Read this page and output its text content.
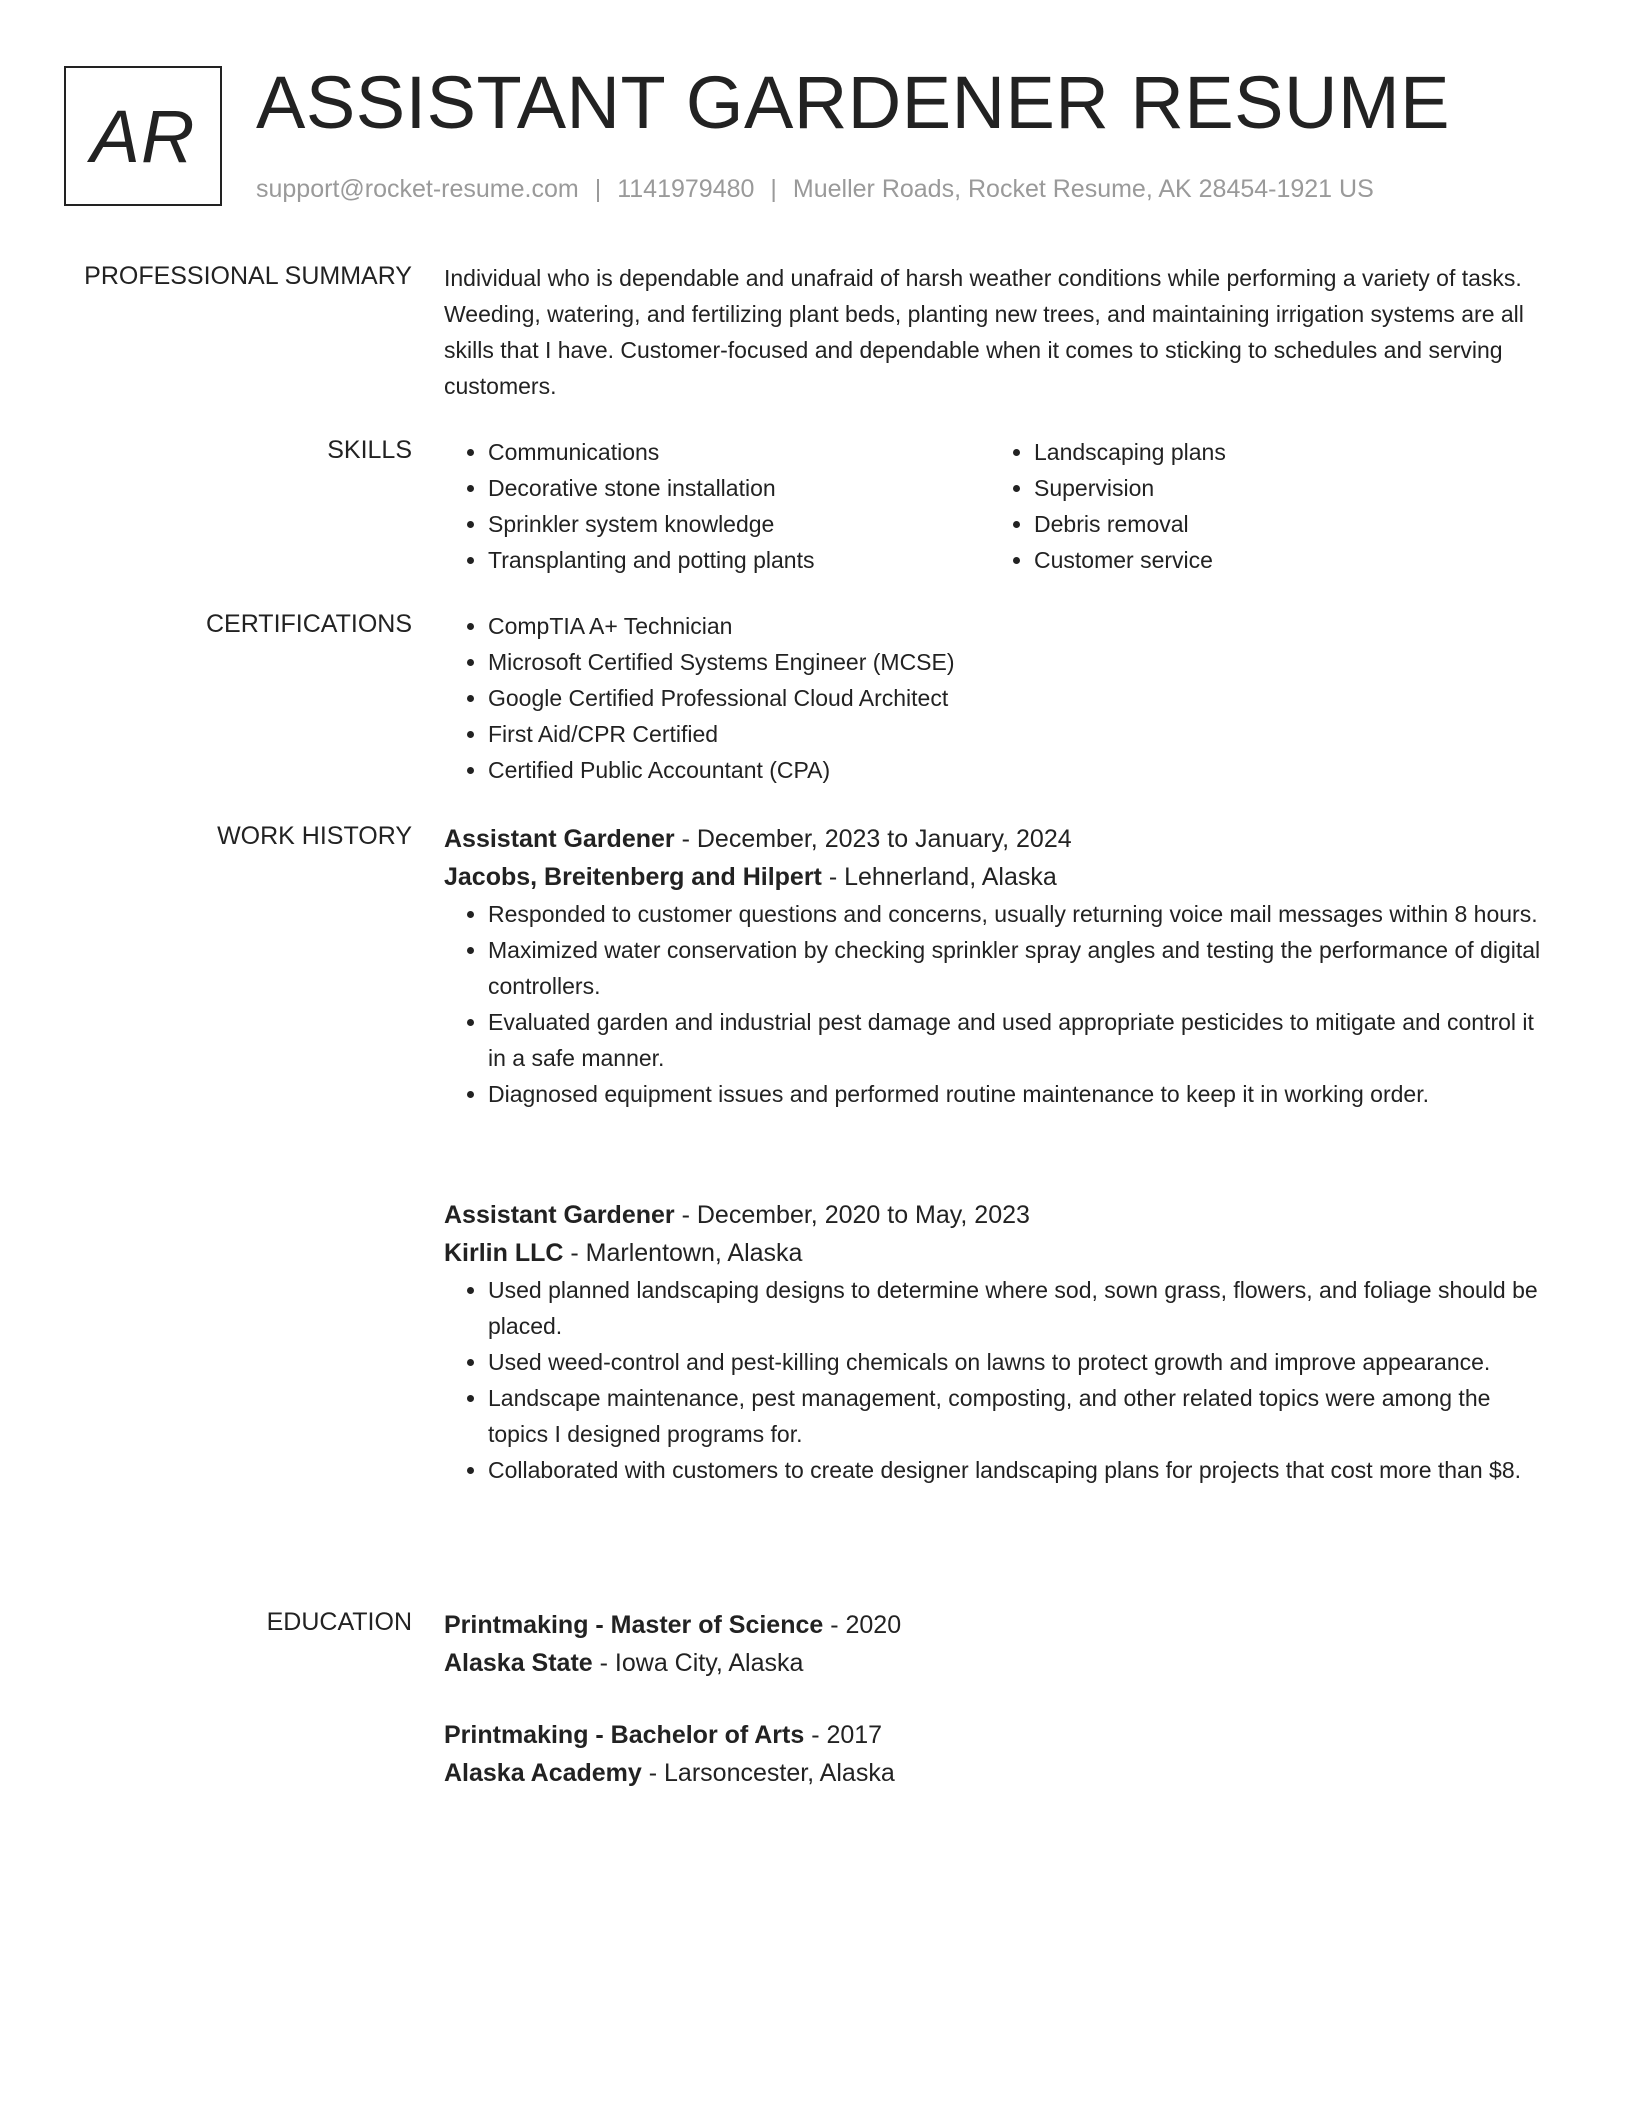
AR ASSISTANT GARDENER RESUME
support@rocket-resume.com | 1141979480 | Mueller Roads, Rocket Resume, AK 28454-1921 US
PROFESSIONAL SUMMARY Individual who is dependable and unafraid of harsh weather conditions while performing a variety of tasks. Weeding, watering, and fertilizing plant beds, planting new trees, and maintaining irrigation systems are all skills that I have. Customer-focused and dependable when it comes to sticking to schedules and serving customers.

SKILLS	• Communications
• Decorative stone installation
• Sprinkler system knowledge
• Transplanting and potting plants
• Landscaping plans
• Supervision
• Debris removal
• Customer service
CERTIFICATIONS	• CompTIA A+ Technician
• Microsoft Certified Systems Engineer (MCSE)
• Google Certified Professional Cloud Architect
• First Aid/CPR Certified
• Certified Public Accountant (CPA)
WORK HISTORY Assistant Gardener - December, 2023 to January, 2024
Jacobs, Breitenberg and Hilpert - Lehnerland, Alaska
• Responded to customer questions and concerns, usually returning voice mail messages within 8 hours.
• Maximized water conservation by checking sprinkler spray angles and testing the performance of digital controllers.
• Evaluated garden and industrial pest damage and used appropriate pesticides to mitigate and control it in a safe manner.
• Diagnosed equipment issues and performed routine maintenance to keep it in working order.
Assistant Gardener - December, 2020 to May, 2023
Kirlin LLC - Marlentown, Alaska
• Used planned landscaping designs to determine where sod, sown grass, flowers, and foliage should be placed.
• Used weed-control and pest-killing chemicals on lawns to protect growth and improve appearance.
• Landscape maintenance, pest management, composting, and other related topics were among the topics I designed programs for.
• Collaborated with customers to create designer landscaping plans for projects that cost more than $8.
EDUCATION Printmaking - Master of Science - 2020
Alaska State - Iowa City, Alaska
Printmaking - Bachelor of Arts - 2017
Alaska Academy - Larsoncester, Alaska
